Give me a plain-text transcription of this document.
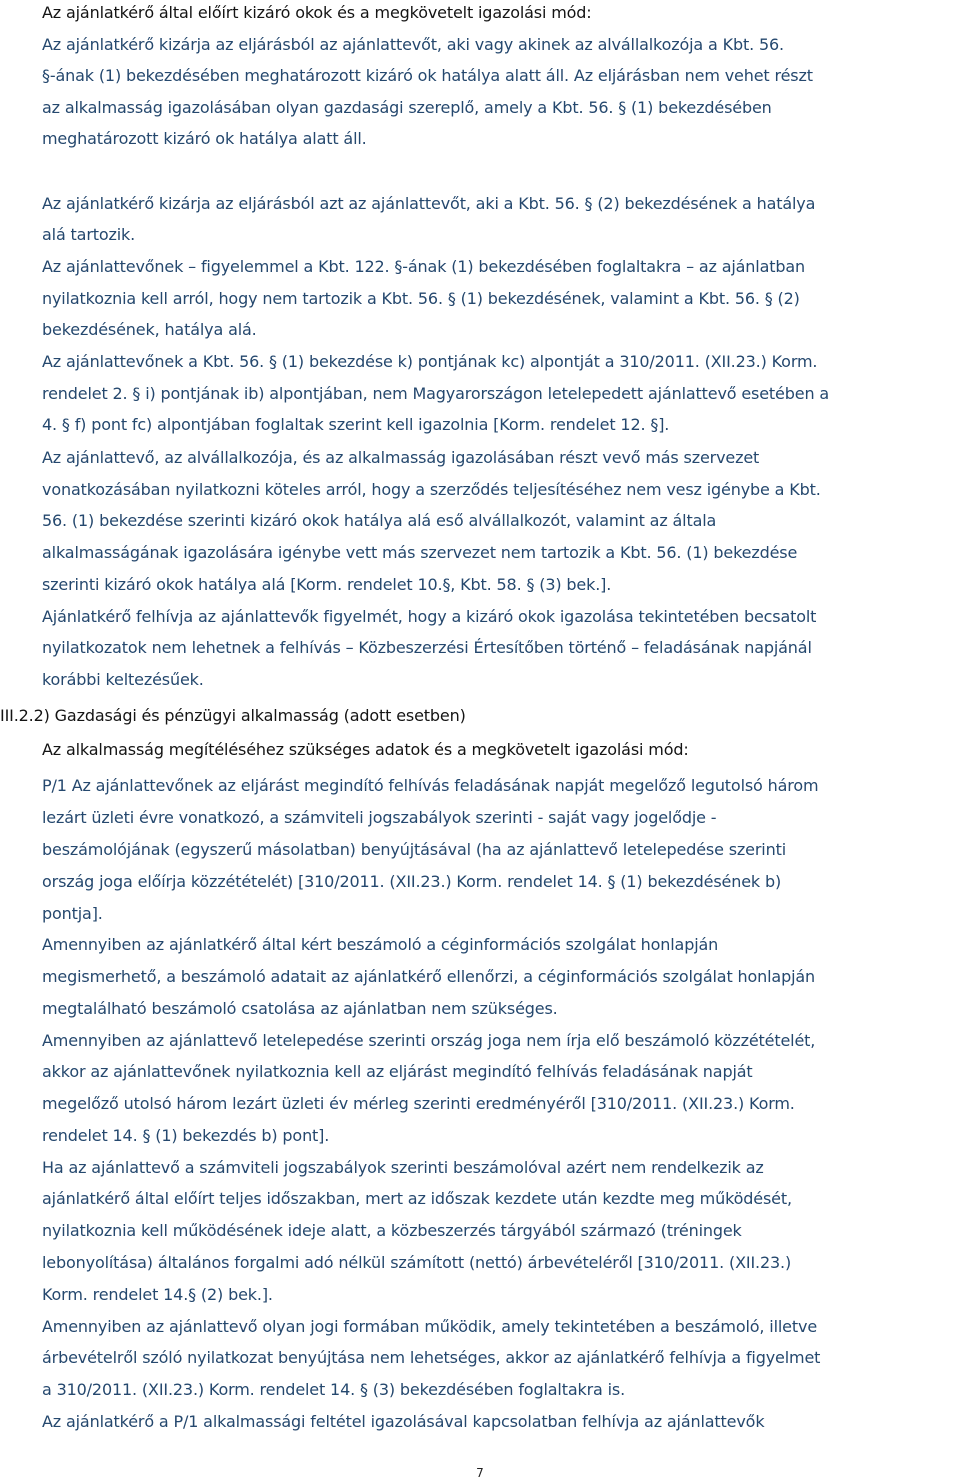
Az ajánlatkérő által előírt kizáró okok és a megkövetelt igazolási mód:

Az ajánlatkérő kizárja az eljárásból az ajánlattevőt, aki vagy akinek az alvállalkozója a Kbt. 56.

§-ának (1) bekezdésében meghatározott kizáró ok hatálya alatt áll. Az eljárásban nem vehet részt

az alkalmasság igazolásában olyan gazdasági szereplő, amely a Kbt. 56. § (1) bekezdésében

meghatározott kizáró ok hatálya alatt áll.

Az ajánlatkérő kizárja az eljárásból azt az ajánlattevőt, aki a Kbt. 56. § (2) bekezdésének a hatálya

alá tartozik.

Az ajánlattevőnek – figyelemmel a Kbt. 122. §-ának (1) bekezdésében foglaltakra – az ajánlatban

nyilatkoznia kell arról, hogy nem tartozik a Kbt. 56. § (1) bekezdésének, valamint a Kbt. 56. § (2)

bekezdésének, hatálya alá.

Az ajánlattevőnek a Kbt. 56. § (1) bekezdése k) pontjának kc) alpontját a 310/2011. (XII.23.) Korm.

rendelet 2. § i) pontjának ib) alpontjában, nem Magyarországon letelepedett ajánlattevő esetében a

4. § f) pont fc) alpontjában foglaltak szerint kell igazolnia [Korm. rendelet 12. §].

Az ajánlattevő, az alvállalkozója, és az alkalmasság igazolásában részt vevő más szervezet

vonatkozásában nyilatkozni köteles arról, hogy a szerződés teljesítéséhez nem vesz igénybe a Kbt.

56. (1) bekezdése szerinti kizáró okok hatálya alá eső alvállalkozót, valamint az általa

alkalmasságának igazolására igénybe vett más szervezet nem tartozik a Kbt. 56. (1) bekezdése

szerinti kizáró okok hatálya alá [Korm. rendelet 10.§, Kbt. 58. § (3) bek.].

Ajánlatkérő felhívja az ajánlattevők figyelmét, hogy a kizáró okok igazolása tekintetében becsatolt

nyilatkozatok nem lehetnek a felhívás – Közbeszerzési Értesítőben történő – feladásának napjánál

korábbi keltezésűek.

III.2.2) Gazdasági és pénzügyi alkalmasság (adott esetben)

Az alkalmasság megítéléséhez szükséges adatok és a megkövetelt igazolási mód:

P/1 Az ajánlattevőnek az eljárást megindító felhívás feladásának napját megelőző legutolsó három

lezárt üzleti évre vonatkozó, a számviteli jogszabályok szerinti - saját vagy jogelődje -

beszámolójának (egyszerű másolatban) benyújtásával (ha az ajánlattevő letelepedése szerinti

ország joga előírja közzétételét) [310/2011. (XII.23.) Korm. rendelet 14. § (1) bekezdésének b)

pontja].

Amennyiben az ajánlatkérő által kért beszámoló a céginformációs szolgálat honlapján

megismerhető, a beszámoló adatait az ajánlatkérő ellenőrzi, a céginformációs szolgálat honlapján

megtalálható beszámoló csatolása az ajánlatban nem szükséges.

Amennyiben az ajánlattevő letelepedése szerinti ország joga nem írja elő beszámoló közzétételét,

akkor az ajánlattevőnek nyilatkoznia kell az eljárást megindító felhívás feladásának napját

megelőző utolsó három lezárt üzleti év mérleg szerinti eredményéről [310/2011. (XII.23.) Korm.

rendelet 14. § (1) bekezdés b) pont].

Ha az ajánlattevő a számviteli jogszabályok szerinti beszámolóval azért nem rendelkezik az

ajánlatkérő által előírt teljes időszakban, mert az időszak kezdete után kezdte meg működését,

nyilatkoznia kell működésének ideje alatt, a közbeszerzés tárgyából származó (tréningek

lebonyolítása) általános forgalmi adó nélkül számított (nettó) árbevételéről [310/2011. (XII.23.)

Korm. rendelet 14.§ (2) bek.].

Amennyiben az ajánlattevő olyan jogi formában működik, amely tekintetében a beszámoló, illetve

árbevételről szóló nyilatkozat benyújtása nem lehetséges, akkor az ajánlatkérő felhívja a figyelmet

a 310/2011. (XII.23.) Korm. rendelet 14. § (3) bekezdésében foglaltakra is.

Az ajánlatkérő a P/1 alkalmassági feltétel igazolásával kapcsolatban felhívja az ajánlattevők

7
